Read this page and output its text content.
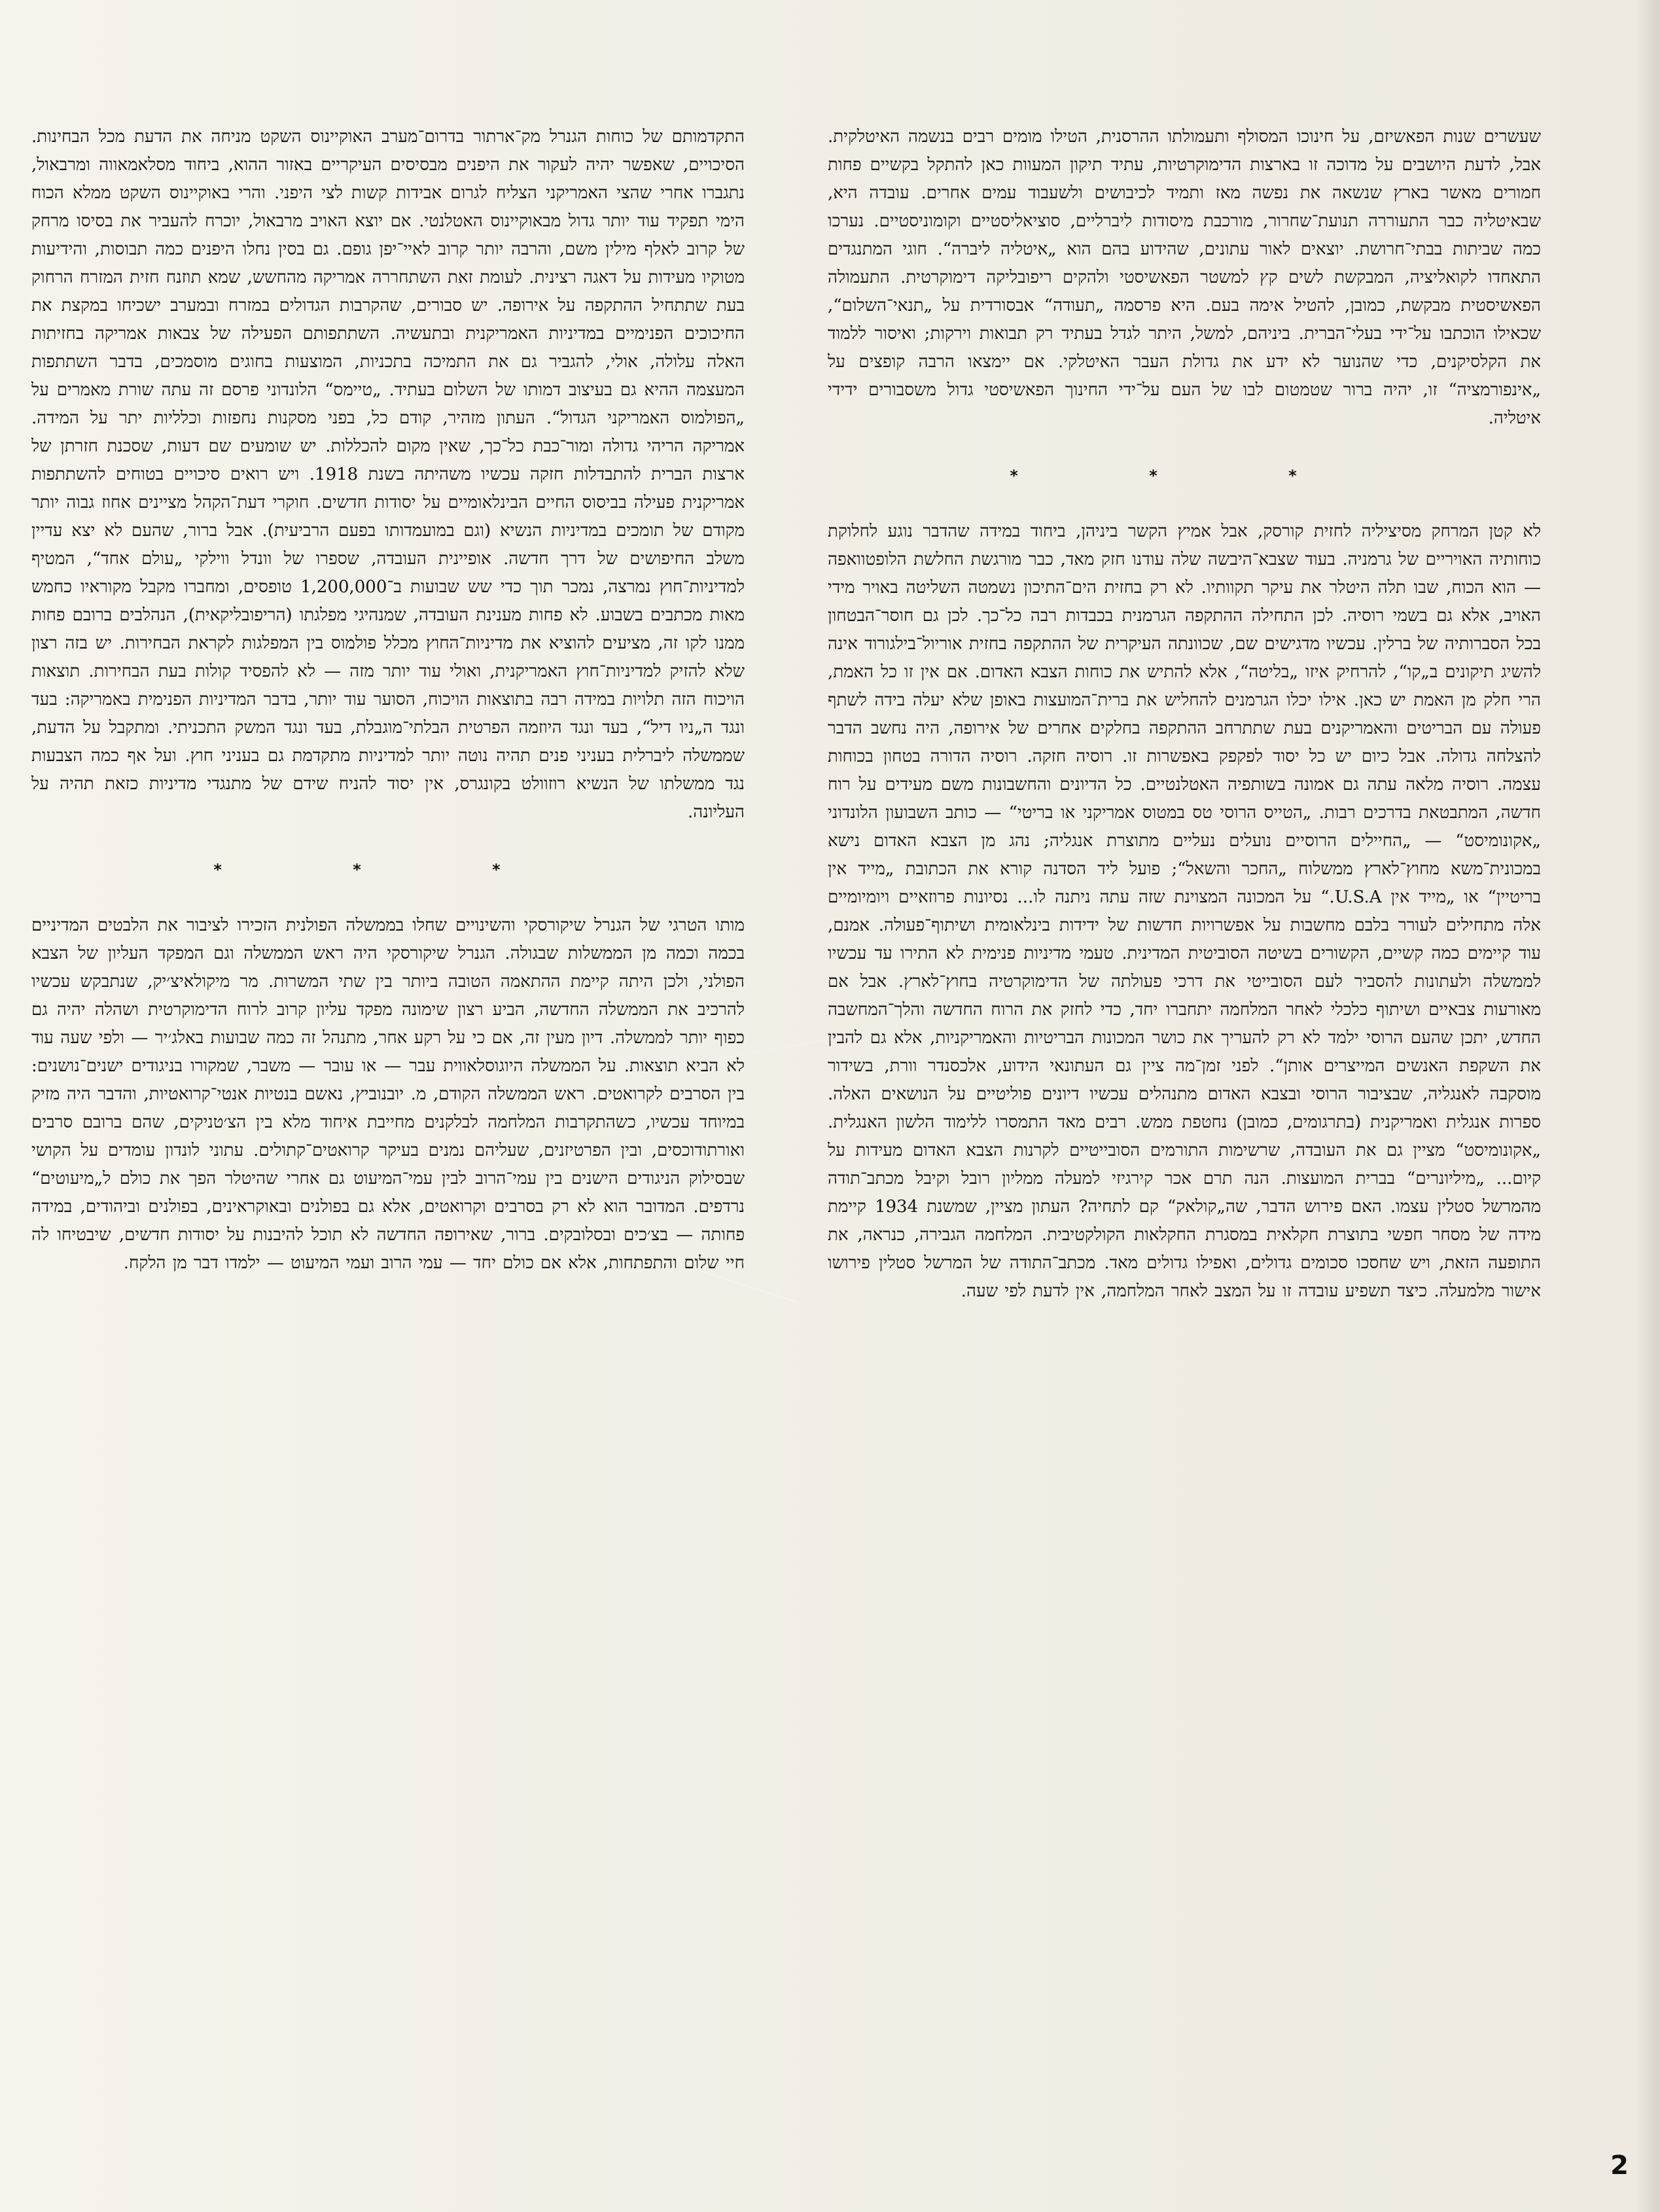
שעשרים שנות הפאשיזם, על חינוכו המסולף ותעמולתו ההרסנית, הטילו מומים רבים בנשמה האיטלקית. אבל, לדעת היושבים על מדוכה זו בארצות הדימוקרטיות, עתיד תיקון המעוות כאן להתקל בקשיים פחות חמורים מאשר בארץ שנשאה את נפשה מאז ותמיד לכיבושים ולשעבוד עמים אחרים. עובדה היא, שבאיטליה כבר התעוררה תנועת־שחרור, מורכבת מיסודות ליברליים, סוציאליסטיים וקומוניסטיים. נערכו כמה שביתות בבתי־חרושת. יוצאים לאור עתונים, שהידוע בהם הוא „איטליה ליברה“. חוגי המתנגדים התאחדו לקואליציה, המבקשת לשים קץ למשטר הפאשיסטי ולהקים ריפובליקה דימוקרטית. התעמולה הפאשיסטית מבקשת, כמובן, להטיל אימה בעם. היא פרסמה „תעודה“ אבסורדית על „תנאי־השלום“, שכאילו הוכתבו על־ידי בעלי־הברית. ביניהם, למשל, היתר לגדל בעתיד רק תבואות וירקות; ואיסור ללמוד את הקלסיקנים, כדי שהנוער לא ידע את גדולת העבר האיטלקי. אם יימצאו הרבה קופצים על „אינפורמציה“ זו, יהיה ברור שטמטום לבו של העם על־ידי החינוך הפאשיסטי גדול משסבורים ידידי איטליה.

* * *

לא קטן המרחק מסיציליה לחזית קורסק, אבל אמיץ הקשר ביניהן, ביחוד במידה שהדבר נוגע לחלוקת כוחותיה האויריים של גרמניה. בעוד שצבא־היבשה שלה עודנו חזק מאד, כבר מורגשת החלשת הלופטוואפה — הוא הכוח, שבו תלה היטלר את עיקר תקוותיו. לא רק בחזית הים־התיכון נשמטה השליטה באויר מידי האויב, אלא גם בשמי רוסיה. לכן התחילה ההתקפה הגרמנית בכבדות רבה כל־כך. לכן גם חוסר־הבטחון בכל הסברותיה של ברלין. עכשיו מדגישים שם, שכוונתה העיקרית של ההתקפה בחזית אוריול־בילגורוד אינה להשיג תיקונים ב„קו“, להרחיק איזו „בליטה“, אלא להתיש את כוחות הצבא האדום. אם אין זו כל האמת, הרי חלק מן האמת יש כאן. אילו יכלו הגרמנים להחליש את ברית־המועצות באופן שלא יעלה בידה לשתף פעולה עם הבריטים והאמריקנים בעת שתתרחב ההתקפה בחלקים אחרים של אירופה, היה נחשב הדבר להצלחה גדולה. אבל כיום יש כל יסוד לפקפק באפשרות זו. רוסיה חזקה. רוסיה הדורה בטחון בכוחות עצמה. רוסיה מלאה עתה גם אמונה בשותפיה האטלנטיים. כל הדיונים והחשבונות משם מעידים על רוח חדשה, המתבטאת בדרכים רבות. „הטייס הרוסי טס במטוס אמריקני או בריטי“ — כותב השבועון הלונדוני „אקונומיסט“ — „החיילים הרוסיים נועלים נעליים מתוצרת אנגליה; נהג מן הצבא האדום נישא במכונית־משא מחוץ־לארץ ממשלוח „החכר והשאל“; פועל ליד הסדנה קורא את הכתובת „מייד אין בריטיין“ או „מייד אין U.S.A.“ על המכונה המצוינת שזה עתה ניתנה לו... נסיונות פרוזאיים ויומיומיים אלה מתחילים לעורר בלבם מחשבות על אפשרויות חדשות של ידידות בינלאומית ושיתוף־פעולה. אמנם, עוד קיימים כמה קשיים, הקשורים בשיטה הסוביטית המדינית. טעמי מדיניות פנימית לא התירו עד עכשיו לממשלה ולעתונות להסביר לעם הסובייטי את דרכי פעולתה של הדימוקרטיה בחוץ־לארץ. אבל אם מאורעות צבאיים ושיתוף כלכלי לאחר המלחמה יתחברו יחד, כדי לחזק את הרוח החדשה והלך־המחשבה החדש, יתכן שהעם הרוסי ילמד לא רק להעריך את כושר המכונות הבריטיות והאמריקניות, אלא גם להבין את השקפת האנשים המייצרים אותן“. לפני זמן־מה ציין גם העתונאי הידוע, אלכסנדר וורת, בשידור מוסקבה לאנגליה, שבציבור הרוסי ובצבא האדום מתנהלים עכשיו דיונים פוליטיים על הנושאים האלה. ספרות אנגלית ואמריקנית (בתרגומים, כמובן) נחטפת ממש. רבים מאד התמסרו ללימוד הלשון האנגלית. „אקונומיסט“ מציין גם את העובדה, שרשימות התורמים הסובייטיים לקרנות הצבא האדום מעידות על קיום... „מיליונרים“ בברית המועצות. הנה תרם אכר קירגיזי למעלה ממליון רובל וקיבל מכתב־תודה מהמרשל סטלין עצמו. האם פירוש הדבר, שה„קולאק“ קם לתחיה? העתון מציין, שמשנת 1934 קיימת מידה של מסחר חפשי בתוצרת חקלאית במסגרת החקלאות הקולקטיבית. המלחמה הגבירה, כנראה, את התופעה הזאת, ויש שחסכו סכומים גדולים, ואפילו גדולים מאד. מכתב־התודה של המרשל סטלין פירושו אישור מלמעלה. כיצד תשפיע עובדה זו על המצב לאחר המלחמה, אין לדעת לפי שעה.

התקדמותם של כוחות הגנרל מק־ארתור בדרום־מערב האוקיינוס השקט מניחה את הדעת מכל הבחינות. הסיכויים, שאפשר יהיה לעקור את היפנים מבסיסים העיקריים באזור ההוא, ביחוד מסלאמאווה ומרבאול, נתגברו אחרי שהצי האמריקני הצליח לגרום אבידות קשות לצי היפני. והרי באוקיינוס השקט ממלא הכוח הימי תפקיד עוד יותר גדול מבאוקיינוס האטלנטי. אם יוצא האויב מרבאול, יוכרח להעביר את בסיסו מרחק של קרוב לאלף מילין משם, והרבה יותר קרוב לאיי־יפן גופם. גם בסין נחלו היפנים כמה תבוסות, והידיעות מטוקיו מעידות על דאגה רצינית. לעומת זאת השתחררה אמריקה מהחשש, שמא תוזנח חזית המזרח הרחוק בעת שתתחיל ההתקפה על אירופה. יש סבורים, שהקרבות הגדולים במזרח ובמערב ישכיחו במקצת את החיכוכים הפנימיים במדיניות האמריקנית ובתעשיה. השתתפותם הפעילה של צבאות אמריקה בחזיתות האלה עלולה, אולי, להגביר גם את התמיכה בתכניות, המוצעות בחוגים מוסמכים, בדבר השתתפות המעצמה ההיא גם בעיצוב דמותו של השלום בעתיד. „טיימס“ הלונדוני פרסם זה עתה שורת מאמרים על „הפולמוס האמריקני הגדול“. העתון מזהיר, קודם כל, בפני מסקנות נחפזות וכלליות יתר על המידה. אמריקה הריהי גדולה ומור־כבת כל־כך, שאין מקום להכללות. יש שומעים שם דעות, שסכנת חזרתן של ארצות הברית להתבדלות חזקה עכשיו משהיתה בשנת 1918. ויש רואים סיכויים בטוחים להשתתפות אמריקנית פעילה בביסוס החיים הבינלאומיים על יסודות חדשים. חוקרי דעת־הקהל מציינים אחוז גבוה יותר מקודם של תומכים במדיניות הנשיא (וגם במועמדותו בפעם הרביעית). אבל ברור, שהעם לא יצא עדיין משלב החיפושים של דרך חדשה. אופיינית העובדה, שספרו של וונדל ווילקי „עולם אחד“, המטיף למדיניות־חוץ נמרצה, נמכר תוך כדי שש שבועות ב־1,200,000 טופסים, ומחברו מקבל מקוראיו כחמש מאות מכתבים בשבוע. לא פחות מענינת העובדה, שמנהיגי מפלגתו (הריפובליקאית), הנהלבים ברובם פחות ממנו לקו זה, מציעים להוציא את מדיניות־החוץ מכלל פולמוס בין המפלגות לקראת הבחירות. יש בזה רצון שלא להזיק למדיניות־חוץ האמריקנית, ואולי עוד יותר מזה — לא להפסיד קולות בעת הבחירות. תוצאות הויכוח הזה תלויות במידה רבה בתוצאות הויכוח, הסוער עוד יותר, בדבר המדיניות הפנימית באמריקה: בעד ונגד ה„ניו דיל“, בעד ונגד היוזמה הפרטית הבלתי־מוגבלת, בעד ונגד המשק התכניתי. ומתקבל על הדעת, שממשלה ליברלית בעניני פנים תהיה נוטה יותר למדיניות מתקדמת גם בעניני חוץ. ועל אף כמה הצבעות נגד ממשלתו של הנשיא רוזוולט בקונגרס, אין יסוד להניח שידם של מתנגדי מדיניות כזאת תהיה על העליונה.

* * *

מותו הטרגי של הגנרל שיקורסקי והשינויים שחלו בממשלה הפולנית הזכירו לציבור את הלבטים המדיניים בכמה וכמה מן הממשלות שבגולה. הגנרל שיקורסקי היה ראש הממשלה וגם המפקד העליון של הצבא הפולני, ולכן היתה קיימת ההתאמה הטובה ביותר בין שתי המשרות. מר מיקולאיצ׳יק, שנתבקש עכשיו להרכיב את הממשלה החדשה, הביע רצון שימונה מפקד עליון קרוב לרוח הדימוקרטית ושהלה יהיה גם כפוף יותר לממשלה. דיון מעין זה, אם כי על רקע אחר, מתנהל זה כמה שבועות באלג׳יר — ולפי שעה עוד לא הביא תוצאות. על הממשלה היוגוסלאווית עבר — או עובר — משבר, שמקורו בניגודים ישנים־נושנים: בין הסרבים לקרואטים. ראש הממשלה הקודם, מ. יובנוביץ, נאשם בנטיות אנטי־קרואטיות, והדבר היה מזיק במיוחד עכשיו, כשהתקרבות המלחמה לבלקנים מחייבת איחוד מלא בין הצ׳טניקים, שהם ברובם סרבים ואורתודוכסים, ובין הפרטיזנים, שעליהם נמנים בעיקר קרואטים־קתולים. עתוני לונדון עומדים על הקושי שבסילוק הניגודים הישנים בין עמי־הרוב לבין עמי־המיעוט גם אחרי שהיטלר הפך את כולם ל„מיעוטים“ נרדפים. המדובר הוא לא רק בסרבים וקרואטים, אלא גם בפולנים ובאוקראינים, בפולנים וביהודים, במידה פחותה — בצ׳כים ובסלובקים. ברור, שאירופה החדשה לא תוכל להיבנות על יסודות חדשים, שיבטיחו לה חיי שלום והתפתחות, אלא אם כולם יחד — עמי הרוב ועמי המיעוט — ילמדו דבר מן הלקח.

2
